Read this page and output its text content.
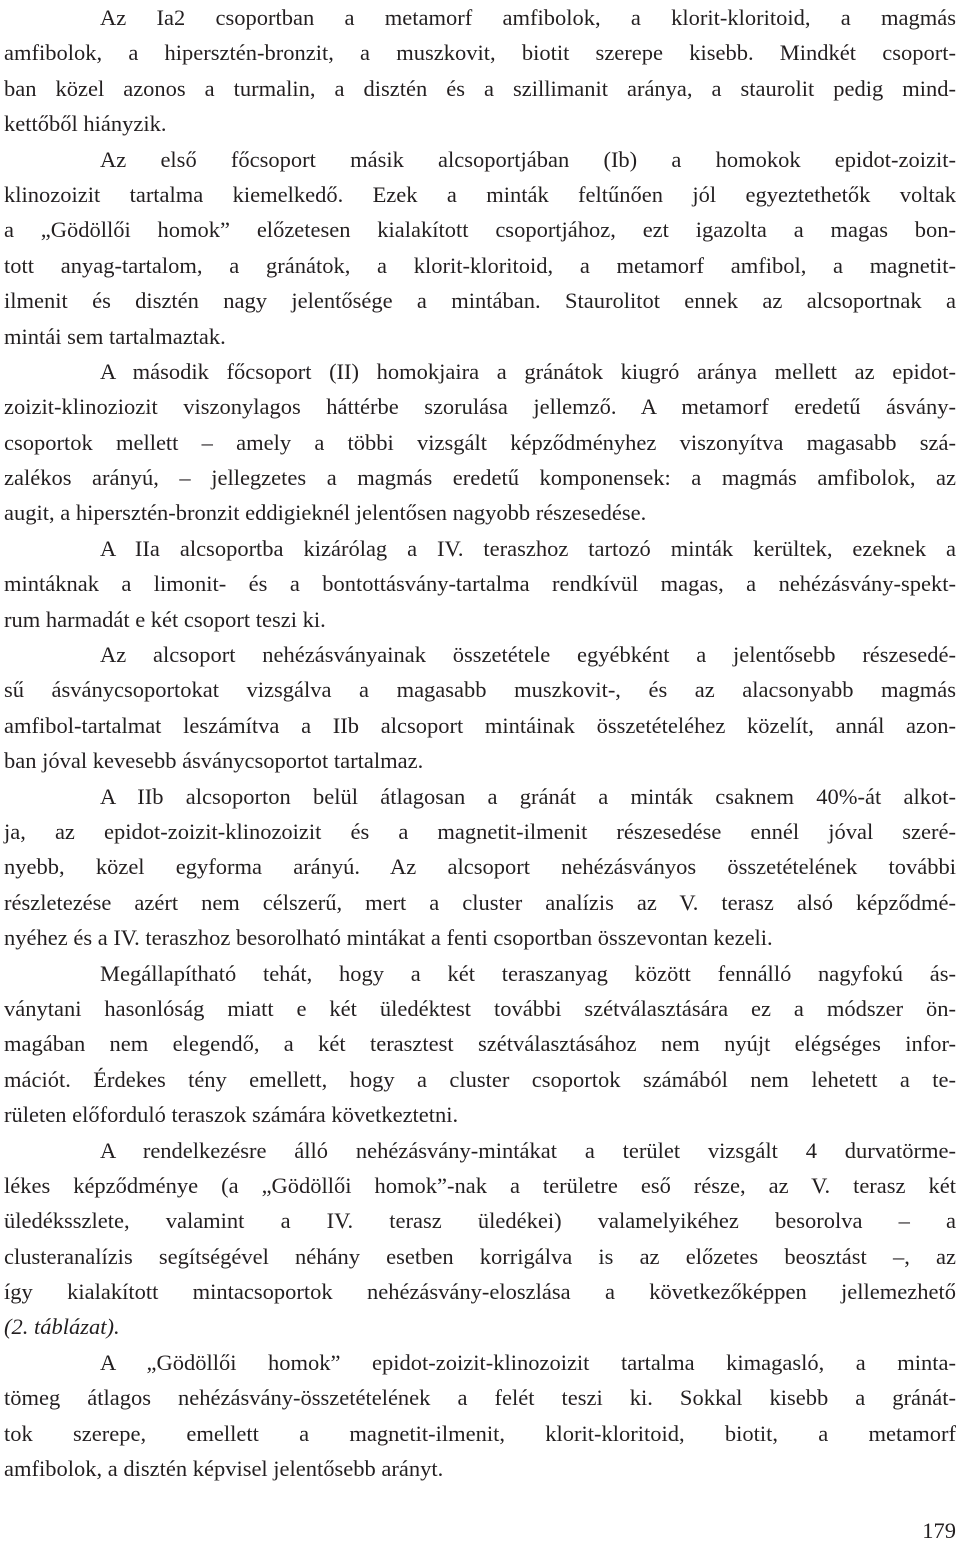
Az Ia2 csoportban a metamorf amfibolok, a klorit-kloritoid, a magmás
amfibolok, a hipersztén-bronzit, a muszkovit, biotit szerepe kisebb. Mindkét csoport-
ban közel azonos a turmalin, a disztén és a szillimanit aránya, a staurolit pedig mind-
kettőből hiányzik.
Az első főcsoport másik alcsoportjában (Ib) a homokok epidot-zoizit-
klinozoizit tartalma kiemelkedő. Ezek a minták feltűnően jól egyeztethetők voltak
a „Gödöllői homok” előzetesen kialakított csoportjához, ezt igazolta a magas bon-
tott anyag-tartalom, a gránátok, a klorit-kloritoid, a metamorf amfibol, a magnetit-
ilmenit és disztén nagy jelentősége a mintában. Staurolitot ennek az alcsoportnak a
mintái sem tartalmaztak.
A második főcsoport (II) homokjaira a gránátok kiugró aránya mellett az epidot-
zoizit-klinoziozit viszonylagos háttérbe szorulása jellemző. A metamorf eredetű ásvány-
csoportok mellett – amely a többi vizsgált képződményhez viszonyítva magasabb szá-
zalékos arányú, – jellegzetes a magmás eredetű komponensek: a magmás amfibolok, az
augit, a hipersztén-bronzit eddigieknél jelentősen nagyobb részesedése.
A IIa alcsoportba kizárólag a IV. teraszhoz tartozó minták kerültek, ezeknek a
mintáknak a limonit- és a bontottásvány-tartalma rendkívül magas, a nehézásvány-spekt-
rum harmadát e két csoport teszi ki.
Az alcsoport nehézásványainak összetétele egyébként a jelentősebb részesedé-
sű ásványcsoportokat vizsgálva a magasabb muszkovit-, és az alacsonyabb magmás
amfibol-tartalmat leszámítva a IIb alcsoport mintáinak összetételéhez közelít, annál azon-
ban jóval kevesebb ásványcsoportot tartalmaz.
A IIb alcsoporton belül átlagosan a gránát a minták csaknem 40%-át alkot-
ja, az epidot-zoizit-klinozoizit és a magnetit-ilmenit részesedése ennél jóval szeré-
nyebb, közel egyforma arányú. Az alcsoport nehézásványos összetételének további
részletezése azért nem célszerű, mert a cluster analízis az V. terasz alsó képződmé-
nyéhez és a IV. teraszhoz besorolható mintákat a fenti csoportban összevontan kezeli.
Megállapítható tehát, hogy a két teraszanyag között fennálló nagyfokú ás-
ványtani hasonlóság miatt e két üledéktest további szétválasztására ez a módszer ön-
magában nem elegendő, a két terasztest szétválasztásához nem nyújt elégséges infor-
mációt. Érdekes tény emellett, hogy a cluster csoportok számából nem lehetett a te-
rületen előforduló teraszok számára következtetni.
A rendelkezésre álló nehézásvány-mintákat a terület vizsgált 4 durvatörme-
lékes képződménye (a „Gödöllői homok”-nak a területre eső része, az V. terasz két
üledéksszlete, valamint a IV. terasz üledékei) valamelyikéhez besorolva – a
clusteranalízis segítségével néhány esetben korrigálva is az előzetes beosztást –, az
így kialakított mintacsoportok nehézásvány-eloszlása a következőképpen jellemezhető
(2. táblázat).
A „Gödöllői homok” epidot-zoizit-klinozoizit tartalma kimagasló, a minta-
tömeg átlagos nehézásvány-összetételének a felét teszi ki. Sokkal kisebb a gránát-
tok szerepe, emellett a magnetit-ilmenit, klorit-kloritoid, biotit, a metamorf
amfibolok, a disztén képvisel jelentősebb arányt.
179
